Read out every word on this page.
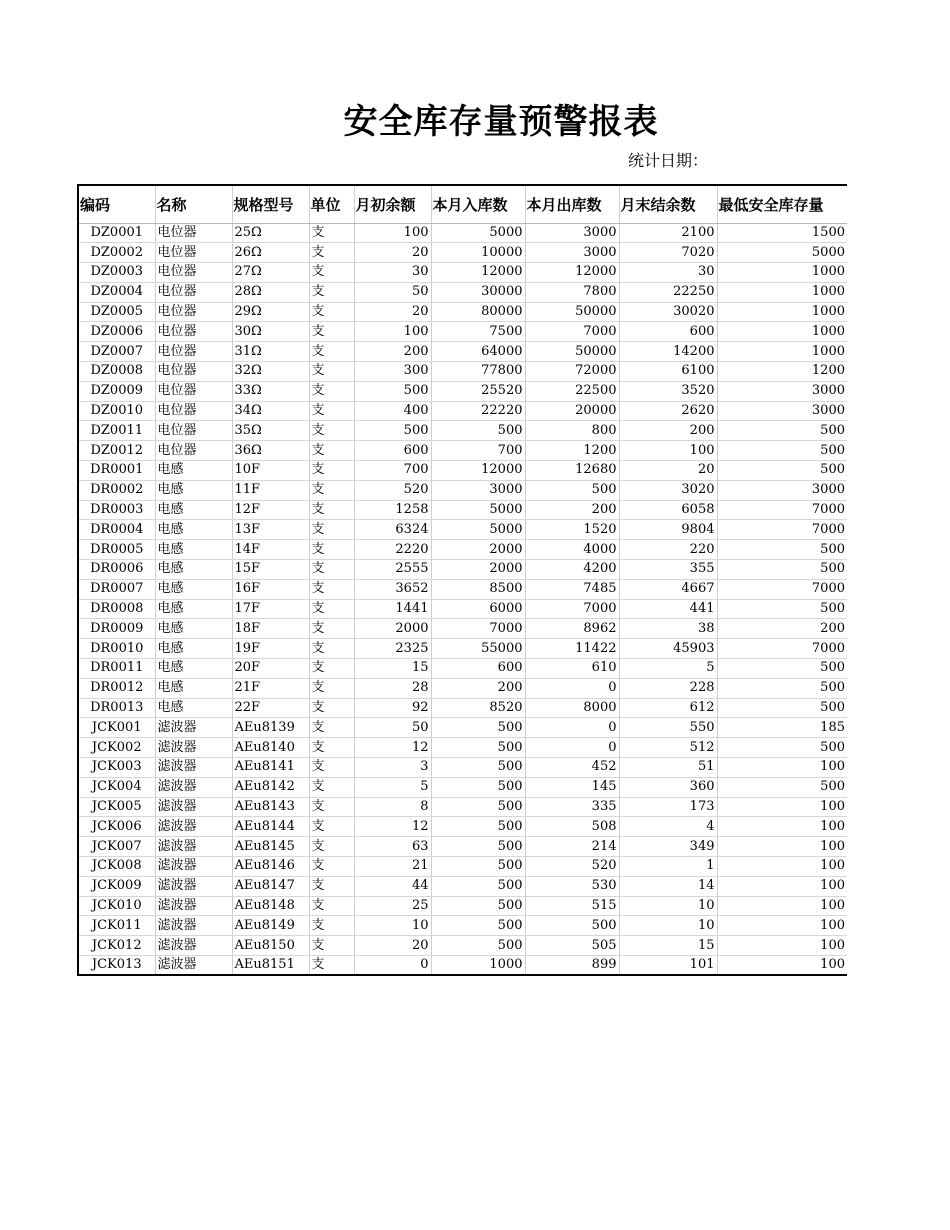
安全库存量预警报表
统计日期：
编码	名称	规格型号	单位	月初余额	本月入库数	本月出库数	月末结余数	最低安全库存量
DZ0001	电位器	25Ω	支	100	5000	3000	2100	1500
DZ0002	电位器	26Ω	支	20	10000	3000	7020	5000
DZ0003	电位器	27Ω	支	30	12000	12000	30	1000
DZ0004	电位器	28Ω	支	50	30000	7800	22250	1000
DZ0005	电位器	29Ω	支	20	80000	50000	30020	1000
DZ0006	电位器	30Ω	支	100	7500	7000	600	1000
DZ0007	电位器	31Ω	支	200	64000	50000	14200	1000
DZ0008	电位器	32Ω	支	300	77800	72000	6100	1200
DZ0009	电位器	33Ω	支	500	25520	22500	3520	3000
DZ0010	电位器	34Ω	支	400	22220	20000	2620	3000
DZ0011	电位器	35Ω	支	500	500	800	200	500
DZ0012	电位器	36Ω	支	600	700	1200	100	500
DR0001	电感	10F	支	700	12000	12680	20	500
DR0002	电感	11F	支	520	3000	500	3020	3000
DR0003	电感	12F	支	1258	5000	200	6058	7000
DR0004	电感	13F	支	6324	5000	1520	9804	7000
DR0005	电感	14F	支	2220	2000	4000	220	500
DR0006	电感	15F	支	2555	2000	4200	355	500
DR0007	电感	16F	支	3652	8500	7485	4667	7000
DR0008	电感	17F	支	1441	6000	7000	441	500
DR0009	电感	18F	支	2000	7000	8962	38	200
DR0010	电感	19F	支	2325	55000	11422	45903	7000
DR0011	电感	20F	支	15	600	610	5	500
DR0012	电感	21F	支	28	200	0	228	500
DR0013	电感	22F	支	92	8520	8000	612	500
JCK001	滤波器	AEu8139	支	50	500	0	550	185
JCK002	滤波器	AEu8140	支	12	500	0	512	500
JCK003	滤波器	AEu8141	支	3	500	452	51	100
JCK004	滤波器	AEu8142	支	5	500	145	360	500
JCK005	滤波器	AEu8143	支	8	500	335	173	100
JCK006	滤波器	AEu8144	支	12	500	508	4	100
JCK007	滤波器	AEu8145	支	63	500	214	349	100
JCK008	滤波器	AEu8146	支	21	500	520	1	100
JCK009	滤波器	AEu8147	支	44	500	530	14	100
JCK010	滤波器	AEu8148	支	25	500	515	10	100
JCK011	滤波器	AEu8149	支	10	500	500	10	100
JCK012	滤波器	AEu8150	支	20	500	505	15	100
JCK013	滤波器	AEu8151	支	0	1000	899	101	100
